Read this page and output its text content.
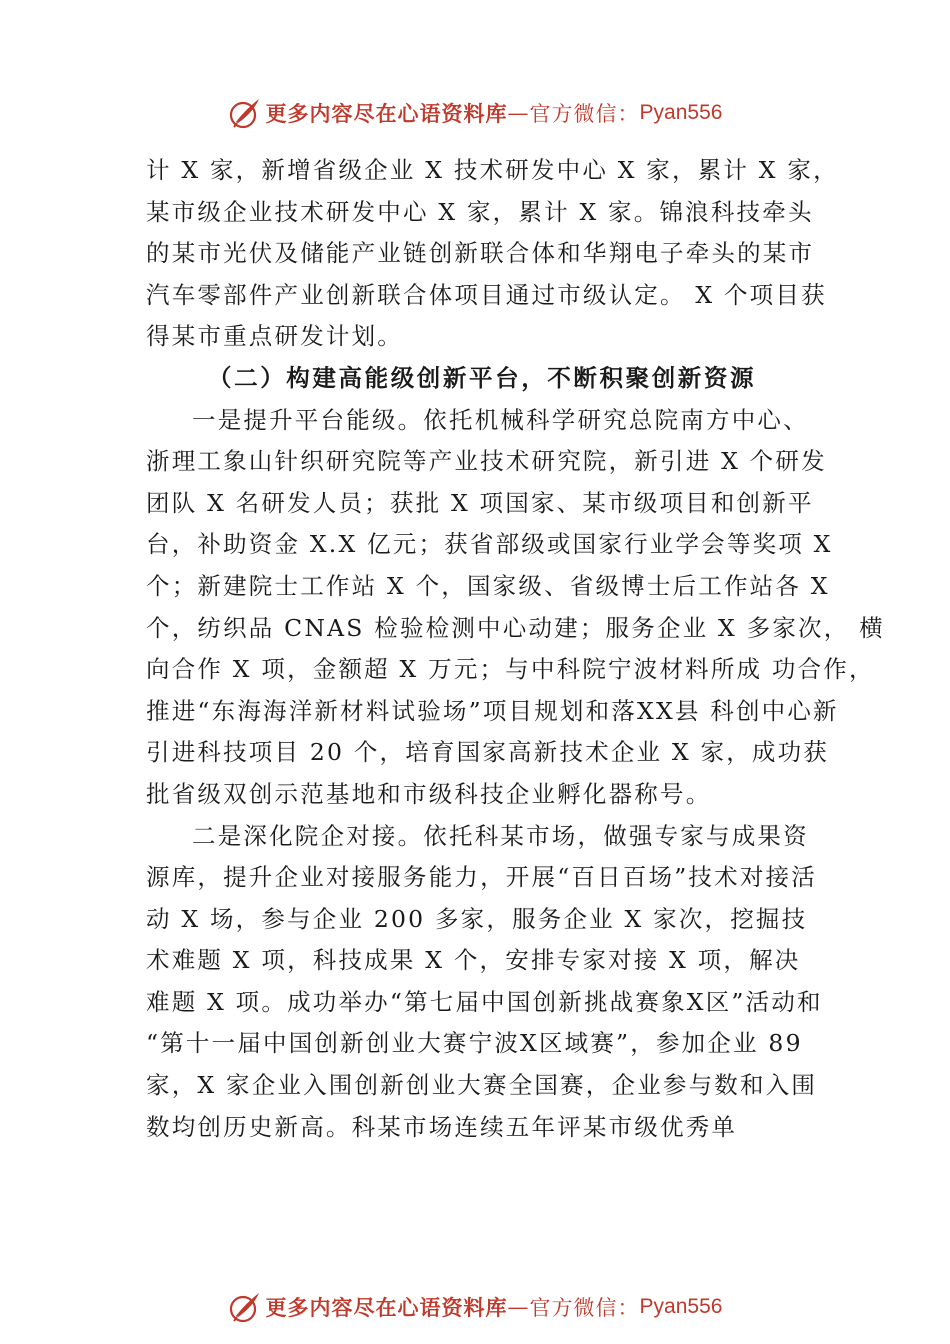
更多内容尽在心语资料库 — 官方微信： Pyan556
计 X 家，新增省级企业 X 技术研发中心 X 家，累计 X 家，
某市级企业技术研发中心 X 家，累计 X 家。锦浪科技牵头
的某市光伏及储能产业链创新联合体和华翔电子牵头的某市
汽车零部件产业创新联合体项目通过市级认定。 X 个项目获
得某市重点研发计划。
（二）构建高能级创新平台，不断积聚创新资源
一是提升平台能级。依托机械科学研究总院南方中心、
浙理工象山针织研究院等产业技术研究院，新引进 X 个研发
团队 X 名研发人员；获批 X 项国家、某市级项目和创新平
台，补助资金 X.X 亿元；获省部级或国家行业学会等奖项 X
个；新建院士工作站 X 个，国家级、省级博士后工作站各 X
个，纺织品 CNAS 检验检测中心动建；服务企业 X 多家次， 横
向合作 X 项，金额超 X 万元；与中科院宁波材料所成 功合作，
推进“东海海洋新材料试验场”项目规划和落XX县 科创中心新
引进科技项目 20 个，培育国家高新技术企业 X 家，成功获
批省级双创示范基地和市级科技企业孵化器称号。
二是深化院企对接。依托科某市场，做强专家与成果资
源库，提升企业对接服务能力，开展“百日百场”技术对接活
动 X 场，参与企业 200 多家，服务企业 X 家次，挖掘技
术难题 X 项，科技成果 X 个，安排专家对接 X 项，解决
难题 X 项。成功举办“第七届中国创新挑战赛象X区”活动和
“第十一届中国创新创业大赛宁波X区域赛”，参加企业 89
家，X 家企业入围创新创业大赛全国赛，企业参与数和入围
数均创历史新高。科某市场连续五年评某市级优秀单
更多内容尽在心语资料库 — 官方微信： Pyan556
